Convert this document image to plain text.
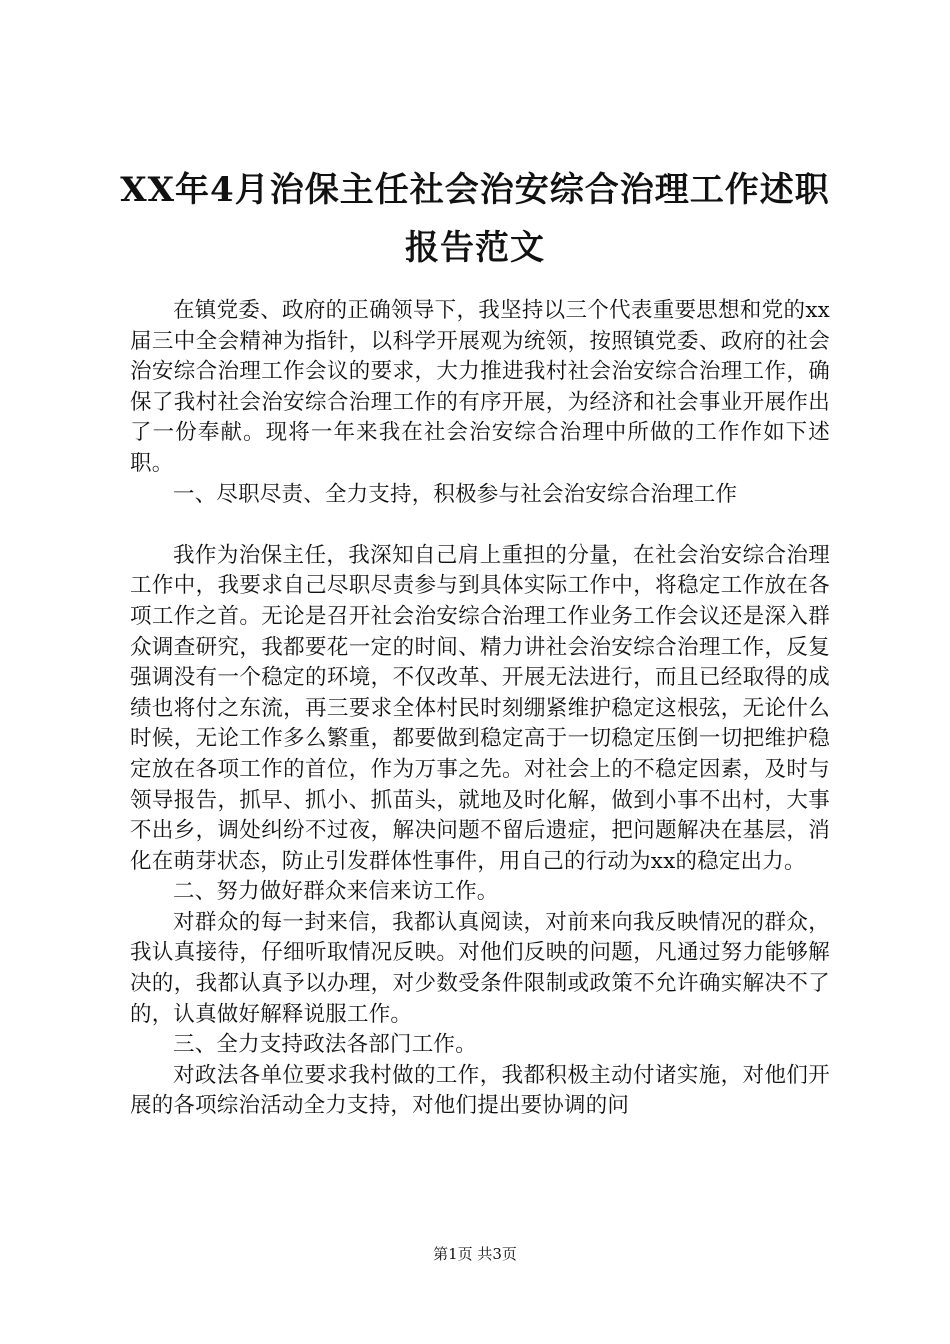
XX年4月治保主任社会治安综合治理工作述职
报告范文

在镇党委、政府的正确领导下，我坚持以三个代表重要思想和党的xx届三中全会精神为指针，以科学开展观为统领，按照镇党委、政府的社会治安综合治理工作会议的要求，大力推进我村社会治安综合治理工作，确保了我村社会治安综合治理工作的有序开展，为经济和社会事业开展作出了一份奉献。现将一年来我在社会治安综合治理中所做的工作作如下述职。

一、尽职尽责、全力支持，积极参与社会治安综合治理工作

我作为治保主任，我深知自己肩上重担的分量，在社会治安综合治理工作中，我要求自己尽职尽责参与到具体实际工作中，将稳定工作放在各项工作之首。无论是召开社会治安综合治理工作业务工作会议还是深入群众调查研究，我都要花一定的时间、精力讲社会治安综合治理工作，反复强调没有一个稳定的环境，不仅改革、开展无法进行，而且已经取得的成绩也将付之东流，再三要求全体村民时刻绷紧维护稳定这根弦，无论什么时候，无论工作多么繁重，都要做到稳定高于一切稳定压倒一切把维护稳定放在各项工作的首位，作为万事之先。对社会上的不稳定因素，及时与领导报告，抓早、抓小、抓苗头，就地及时化解，做到小事不出村，大事不出乡，调处纠纷不过夜，解决问题不留后遗症，把问题解决在基层，消化在萌芽状态，防止引发群体性事件，用自己的行动为xx的稳定出力。

二、努力做好群众来信来访工作。

对群众的每一封来信，我都认真阅读，对前来向我反映情况的群众，我认真接待，仔细听取情况反映。对他们反映的问题，凡通过努力能够解决的，我都认真予以办理，对少数受条件限制或政策不允许确实解决不了的，认真做好解释说服工作。

三、全力支持政法各部门工作。

对政法各单位要求我村做的工作，我都积极主动付诸实施，对他们开展的各项综治活动全力支持，对他们提出要协调的问

第1页 共3页
